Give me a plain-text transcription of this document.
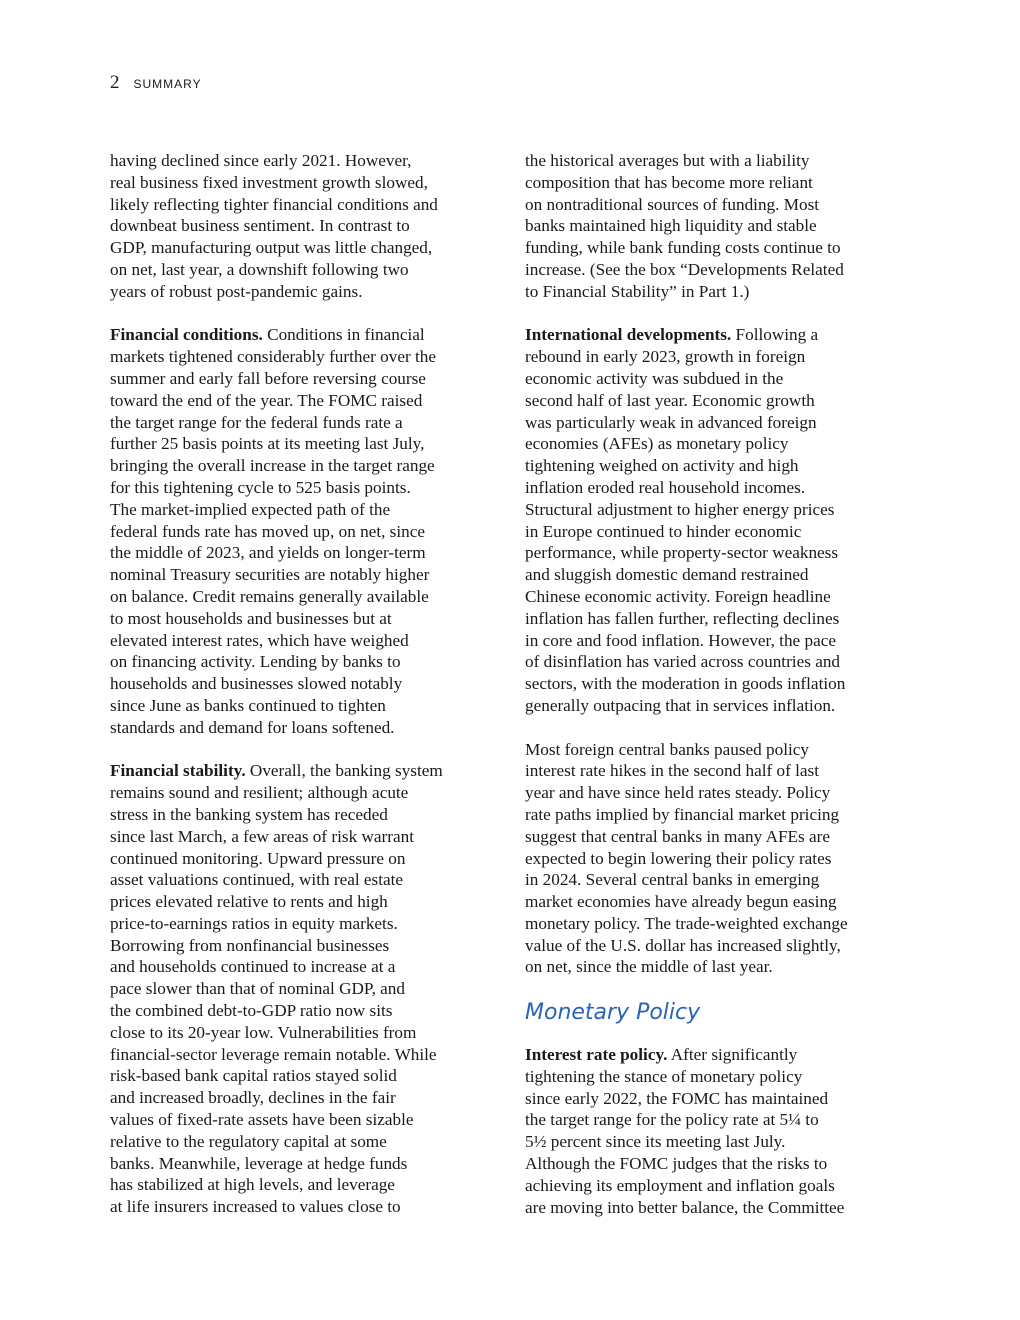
2 SUMMARY
having declined since early 2021. However,
real business fixed investment growth slowed,
likely reflecting tighter financial conditions and
downbeat business sentiment. In contrast to
GDP, manufacturing output was little changed,
on net, last year, a downshift following two
years of robust post-pandemic gains.
Financial conditions. Conditions in financial
markets tightened considerably further over the
summer and early fall before reversing course
toward the end of the year. The FOMC raised
the target range for the federal funds rate a
further 25 basis points at its meeting last July,
bringing the overall increase in the target range
for this tightening cycle to 525 basis points.
The market-implied expected path of the
federal funds rate has moved up, on net, since
the middle of 2023, and yields on longer-term
nominal Treasury securities are notably higher
on balance. Credit remains generally available
to most households and businesses but at
elevated interest rates, which have weighed
on financing activity. Lending by banks to
households and businesses slowed notably
since June as banks continued to tighten
standards and demand for loans softened.
Financial stability. Overall, the banking system
remains sound and resilient; although acute
stress in the banking system has receded
since last March, a few areas of risk warrant
continued monitoring. Upward pressure on
asset valuations continued, with real estate
prices elevated relative to rents and high
price-to-earnings ratios in equity markets.
Borrowing from nonfinancial businesses
and households continued to increase at a
pace slower than that of nominal GDP, and
the combined debt-to-GDP ratio now sits
close to its 20-year low. Vulnerabilities from
financial-sector leverage remain notable. While
risk-based bank capital ratios stayed solid
and increased broadly, declines in the fair
values of fixed-rate assets have been sizable
relative to the regulatory capital at some
banks. Meanwhile, leverage at hedge funds
has stabilized at high levels, and leverage
at life insurers increased to values close to
the historical averages but with a liability
composition that has become more reliant
on nontraditional sources of funding. Most
banks maintained high liquidity and stable
funding, while bank funding costs continue to
increase. (See the box “Developments Related
to Financial Stability” in Part 1.)
International developments. Following a
rebound in early 2023, growth in foreign
economic activity was subdued in the
second half of last year. Economic growth
was particularly weak in advanced foreign
economies (AFEs) as monetary policy
tightening weighed on activity and high
inflation eroded real household incomes.
Structural adjustment to higher energy prices
in Europe continued to hinder economic
performance, while property-sector weakness
and sluggish domestic demand restrained
Chinese economic activity. Foreign headline
inflation has fallen further, reflecting declines
in core and food inflation. However, the pace
of disinflation has varied across countries and
sectors, with the moderation in goods inflation
generally outpacing that in services inflation.
Most foreign central banks paused policy
interest rate hikes in the second half of last
year and have since held rates steady. Policy
rate paths implied by financial market pricing
suggest that central banks in many AFEs are
expected to begin lowering their policy rates
in 2024. Several central banks in emerging
market economies have already begun easing
monetary policy. The trade-weighted exchange
value of the U.S. dollar has increased slightly,
on net, since the middle of last year.
Monetary Policy
Interest rate policy. After significantly
tightening the stance of monetary policy
since early 2022, the FOMC has maintained
the target range for the policy rate at 5¼ to
5½ percent since its meeting last July.
Although the FOMC judges that the risks to
achieving its employment and inflation goals
are moving into better balance, the Committee
